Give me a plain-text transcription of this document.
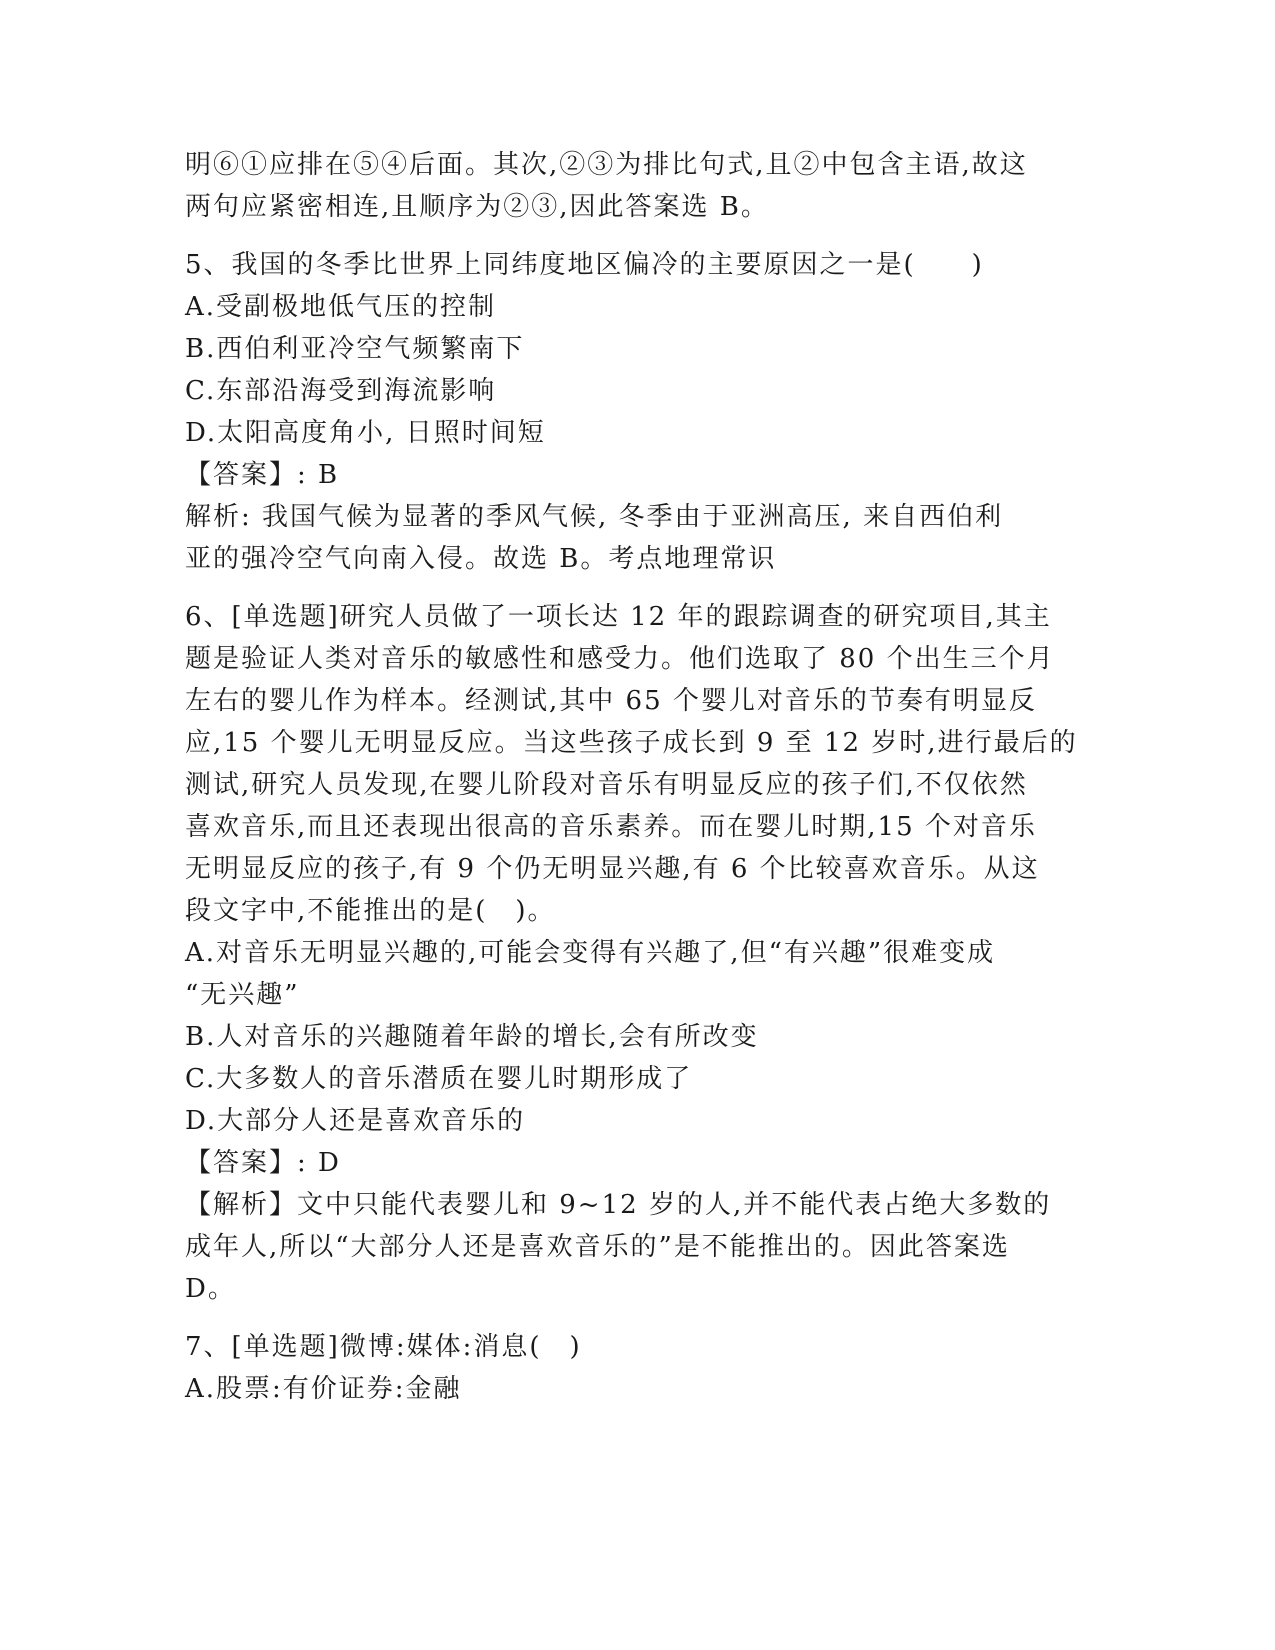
明⑥①应排在⑤④后面。其次,②③为排比句式,且②中包含主语,故这
两句应紧密相连,且顺序为②③,因此答案选 B。
5、我国的冬季比世界上同纬度地区偏冷的主要原因之一是(　　)
A.受副极地低气压的控制
B.西伯利亚冷空气频繁南下
C.东部沿海受到海流影响
D.太阳高度角小, 日照时间短
【答案】: B
解析: 我国气候为显著的季风气候, 冬季由于亚洲高压, 来自西伯利
亚的强冷空气向南入侵。故选 B。考点地理常识
6、[单选题]研究人员做了一项长达 12 年的跟踪调查的研究项目,其主
题是验证人类对音乐的敏感性和感受力。他们选取了 80 个出生三个月
左右的婴儿作为样本。经测试,其中 65 个婴儿对音乐的节奏有明显反
应,15 个婴儿无明显反应。当这些孩子成长到 9 至 12 岁时,进行最后的
测试,研究人员发现,在婴儿阶段对音乐有明显反应的孩子们,不仅依然
喜欢音乐,而且还表现出很高的音乐素养。而在婴儿时期,15 个对音乐
无明显反应的孩子,有 9 个仍无明显兴趣,有 6 个比较喜欢音乐。从这
段文字中,不能推出的是(　)。
A.对音乐无明显兴趣的,可能会变得有兴趣了,但“有兴趣”很难变成
“无兴趣”
B.人对音乐的兴趣随着年龄的增长,会有所改变
C.大多数人的音乐潜质在婴儿时期形成了
D.大部分人还是喜欢音乐的
【答案】: D
【解析】文中只能代表婴儿和 9~12 岁的人,并不能代表占绝大多数的
成年人,所以“大部分人还是喜欢音乐的”是不能推出的。因此答案选
D。
7、[单选题]微博:媒体:消息(　)
A.股票:有价证券:金融
